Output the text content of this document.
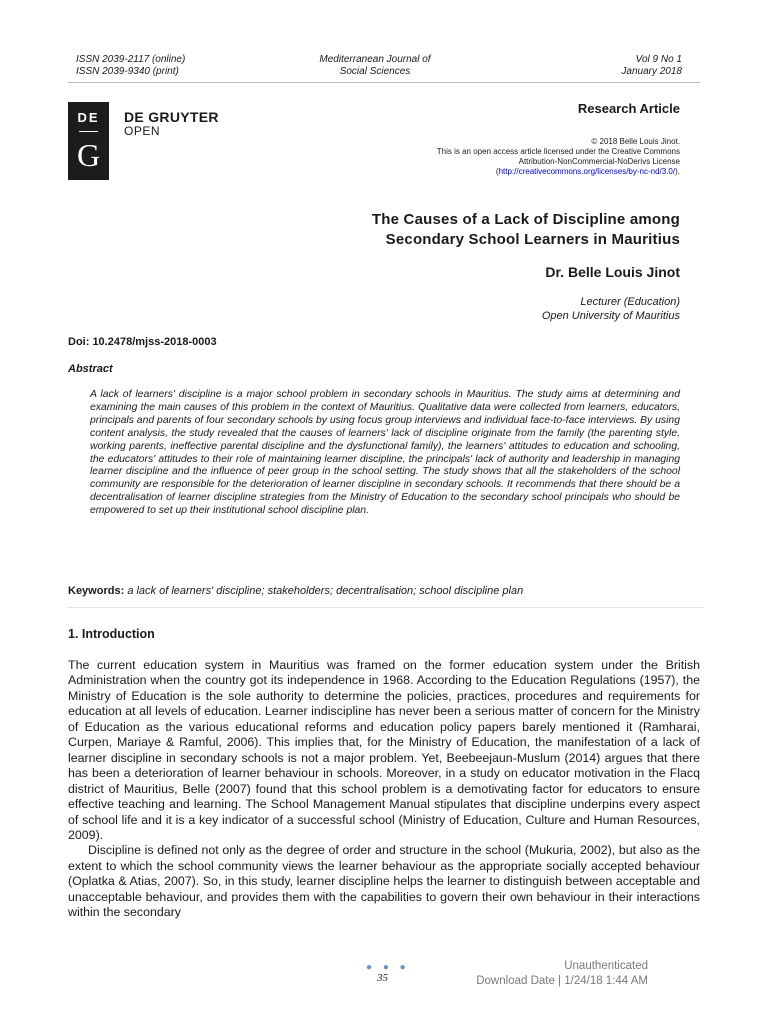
ISSN 2039-2117 (online)
ISSN 2039-9340 (print)
Mediterranean Journal of
Social Sciences
Vol 9 No 1
January 2018
DE
G
DE GRUYTER
OPEN
Research Article
© 2018 Belle Louis Jinot.
This is an open access article licensed under the Creative Commons
Attribution-NonCommercial-NoDerivs License
(http://creativecommons.org/licenses/by-nc-nd/3.0/).
The Causes of a Lack of Discipline among
Secondary School Learners in Mauritius
Dr. Belle Louis Jinot
Lecturer (Education)
Open University of Mauritius
Doi: 10.2478/mjss-2018-0003
Abstract
A lack of learners' discipline is a major school problem in secondary schools in Mauritius. The study aims at determining and examining the main causes of this problem in the context of Mauritius. Qualitative data were collected from learners, educators, principals and parents of four secondary schools by using focus group interviews and individual face-to-face interviews. By using content analysis, the study revealed that the causes of learners' lack of discipline originate from the family (the parenting style, working parents, ineffective parental discipline and the dysfunctional family), the learners' attitudes to education and schooling, the educators' attitudes to their role of maintaining learner discipline, the principals' lack of authority and leadership in managing learner discipline and the influence of peer group in the school setting. The study shows that all the stakeholders of the school community are responsible for the deterioration of learner discipline in secondary schools. It recommends that there should be a decentralisation of learner discipline strategies from the Ministry of Education to the secondary school principals who should be empowered to set up their institutional school discipline plan.
Keywords: a lack of learners' discipline; stakeholders; decentralisation; school discipline plan
1. Introduction

The current education system in Mauritius was framed on the former education system under the British Administration when the country got its independence in 1968. According to the Education Regulations (1957), the Ministry of Education is the sole authority to determine the policies, practices, procedures and requirements for education at all levels of education. Learner indiscipline has never been a serious matter of concern for the Ministry of Education as the various educational reforms and education policy papers barely mentioned it (Ramharai, Curpen, Mariaye & Ramful, 2006). This implies that, for the Ministry of Education, the manifestation of a lack of learner discipline in secondary schools is not a major problem. Yet, Beebeejaun-Muslum (2014) argues that there has been a deterioration of learner behaviour in schools. Moreover, in a study on educator motivation in the Flacq district of Mauritius, Belle (2007) found that this school problem is a demotivating factor for educators to ensure effective teaching and learning. The School Management Manual stipulates that discipline underpins every aspect of school life and it is a key indicator of a successful school (Ministry of Education, Culture and Human Resources, 2009).

Discipline is defined not only as the degree of order and structure in the school (Mukuria, 2002), but also as the extent to which the school community views the learner behaviour as the appropriate socially accepted behaviour (Oplatka & Atias, 2007). So, in this study, learner discipline helps the learner to distinguish between acceptable and unacceptable behaviour, and provides them with the capabilities to govern their own behaviour in their interactions within the secondary

● ● ●
35
Unauthenticated
Download Date | 1/24/18 1:44 AM
